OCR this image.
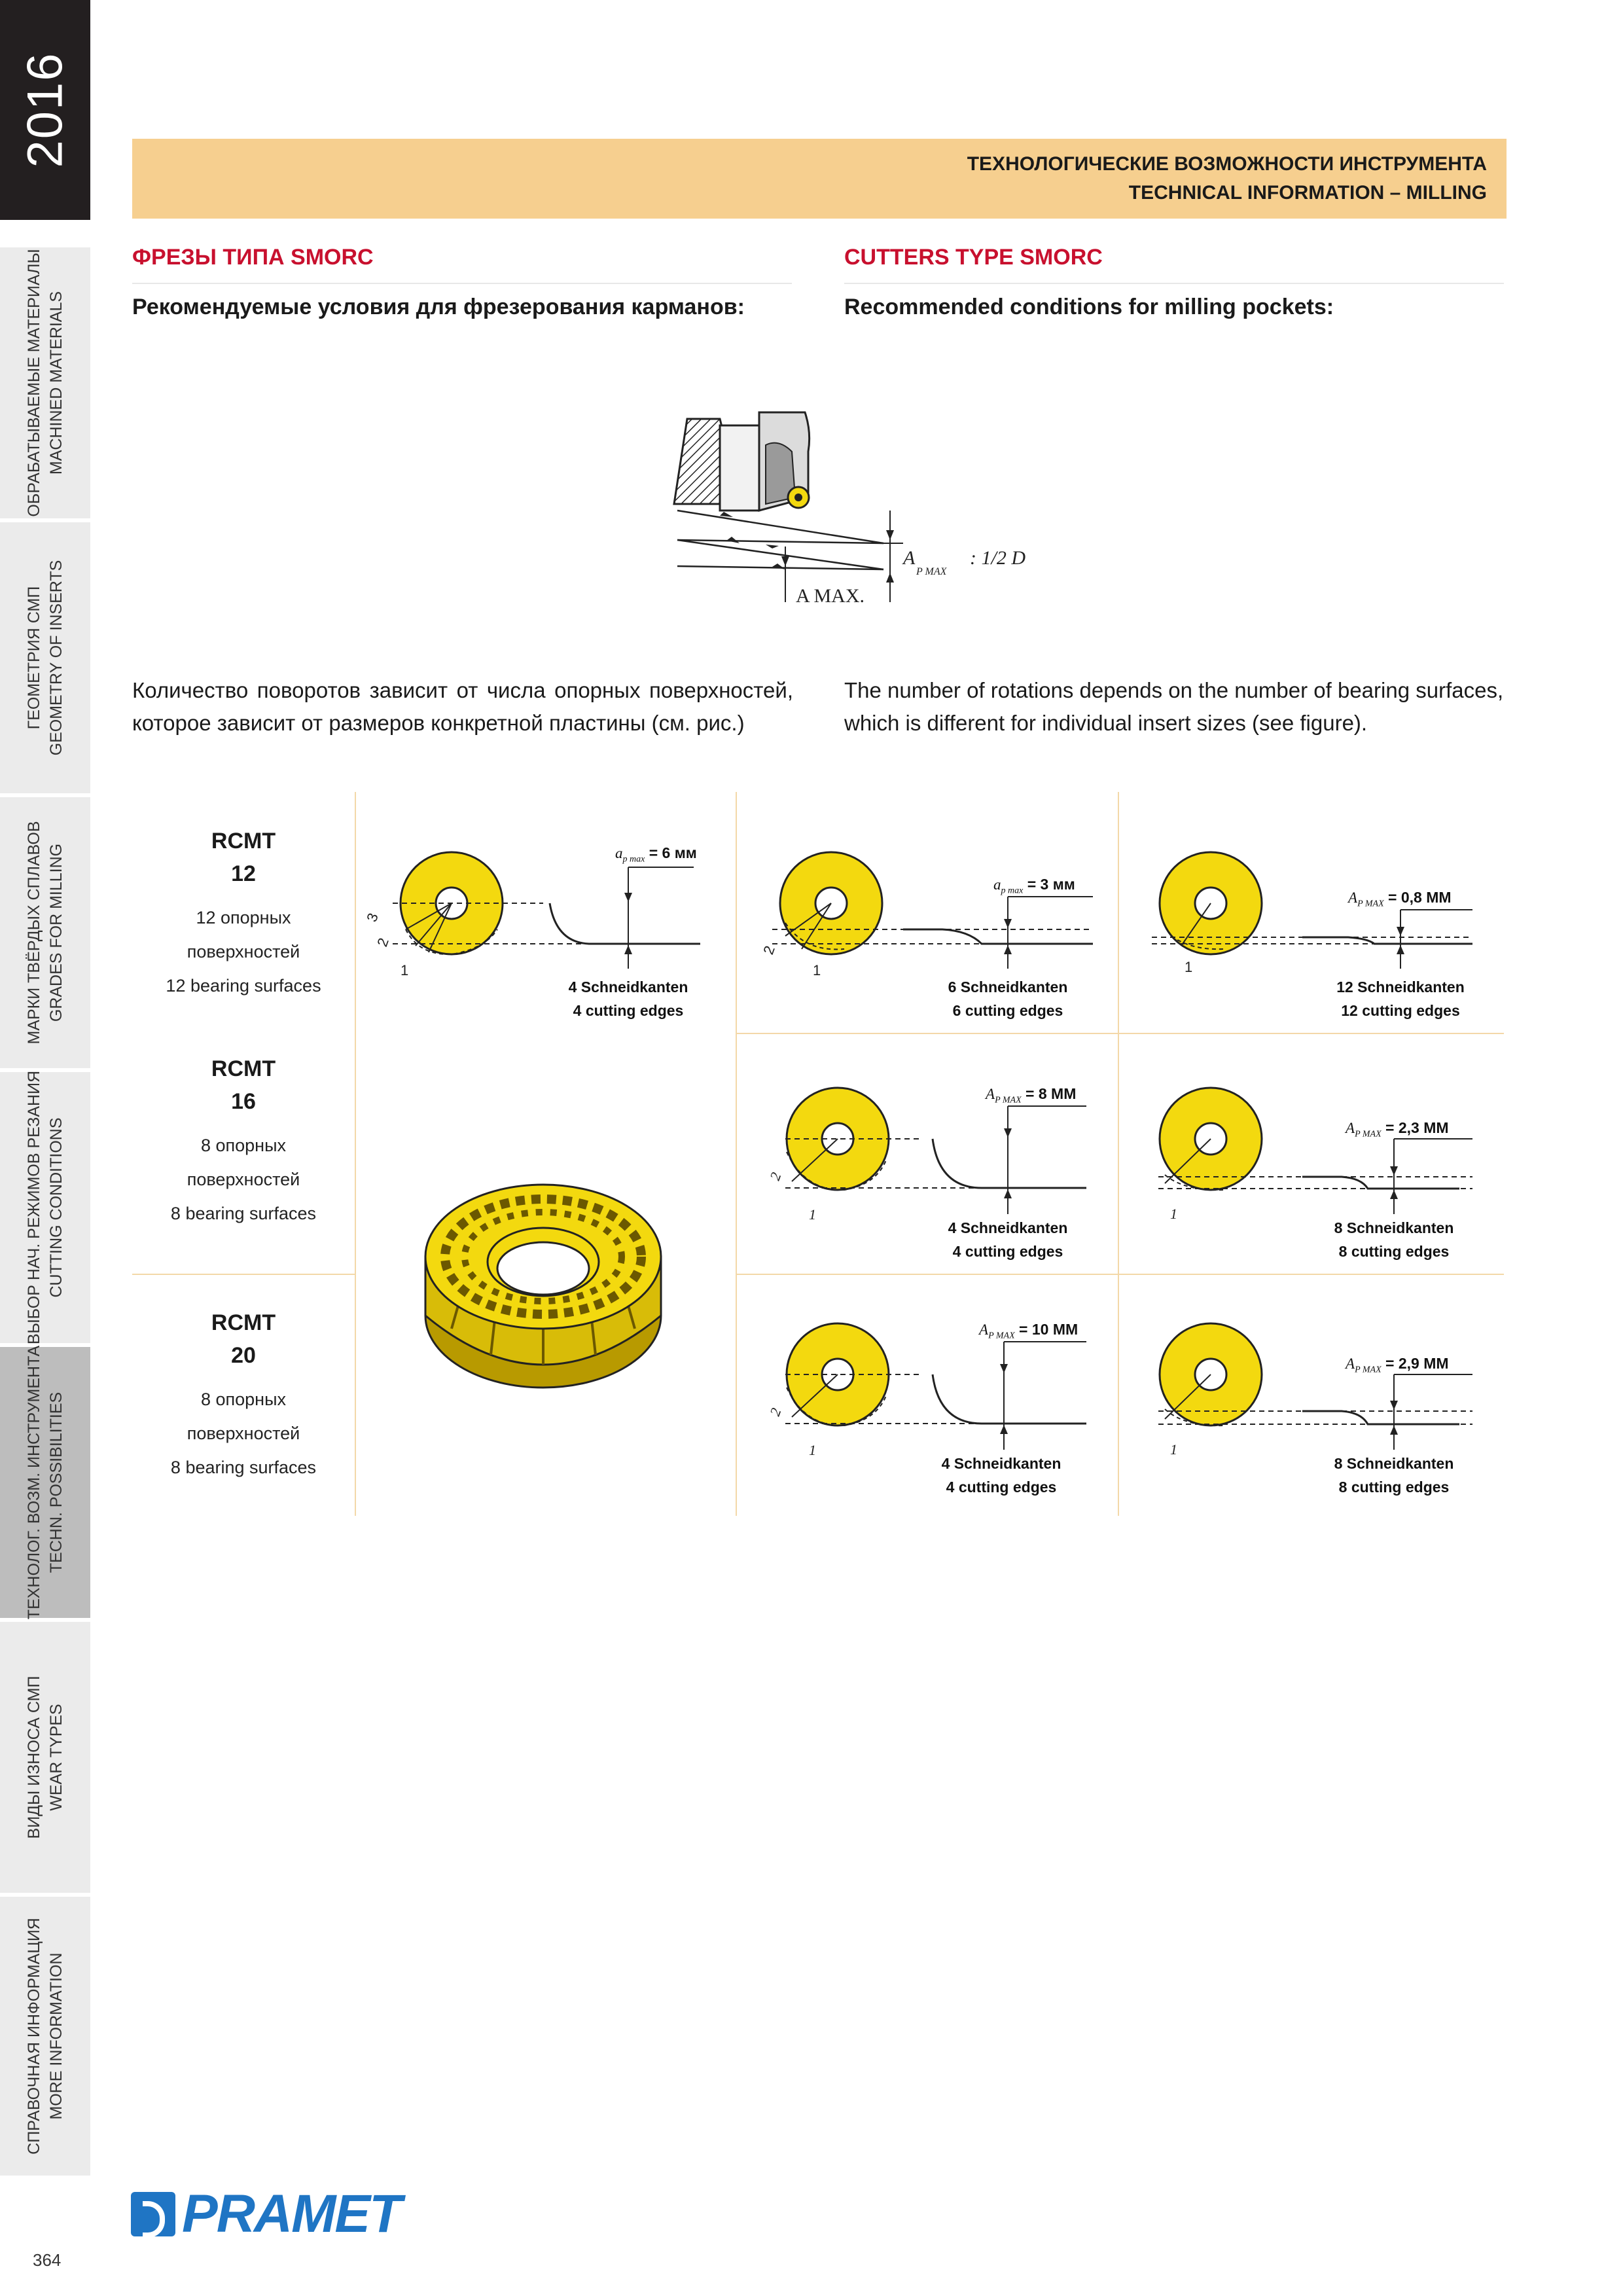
2016
ОБРАБАТЫВАЕМЫЕ МАТЕРИАЛЫ MACHINED MATERIALS
ГЕОМЕТРИЯ СМП GEOMETRY OF INSERTS
МАРКИ ТВЁРДЫХ СПЛАВОВ GRADES FOR MILLING
ВЫБОР НАЧ. РЕЖИМОВ РЕЗАНИЯ CUTTING CONDITIONS
ТЕХНОЛОГ. ВОЗМ. ИНСТРУМЕНТА TECHN. POSSIBILITIES
ВИДЫ ИЗНОСА СМП WEAR TYPES
СПРАВОЧНАЯ ИНФОРМАЦИЯ MORE INFORMATION
ТЕХНОЛОГИЧЕСКИЕ ВОЗМОЖНОСТИ ИНСТРУМЕНТА
TECHNICAL INFORMATION – MILLING
ФРЕЗЫ ТИПА SMORC	CUTTERS TYPE SMORC
Рекомендуемые условия для фрезерования карманов:	Recommended conditions for milling pockets:
A
P MAX
: 1/2 D
A MAX.
Количество поворотов зависит от числа опорных поверхностей, которое зависит от размеров конкретной пластины (см. рис.)
The number of rotations depends on the number of bearing surfaces, which is different for individual insert sizes (see figure).
RCMT
12
12 опорных
поверхностей
12 bearing surfaces
RCMT
16
8 опорных
поверхностей
8 bearing surfaces
RCMT
20
8 опорных
поверхностей
8 bearing surfaces
1
2
3
$a_{p max} = 6$ мм
4 Schneidkanten
4 cutting edges
1
2
$a_{p max} = 3$ мм
6 Schneidkanten
6 cutting edges
1
$A_{P MAX} = 0,8$ MM
12 Schneidkanten
12 cutting edges
1
2
$A_{P MAX} = 8$ MM
4 Schneidkanten
4 cutting edges
1
$A_{P MAX} = 2,3$ MM
8 Schneidkanten
8 cutting edges
1
2
$A_{P MAX} = 10$ MM
4 Schneidkanten
4 cutting edges
1
$A_{P MAX} = 2,9$ MM
8 Schneidkanten
8 cutting edges
PRAMET
364
